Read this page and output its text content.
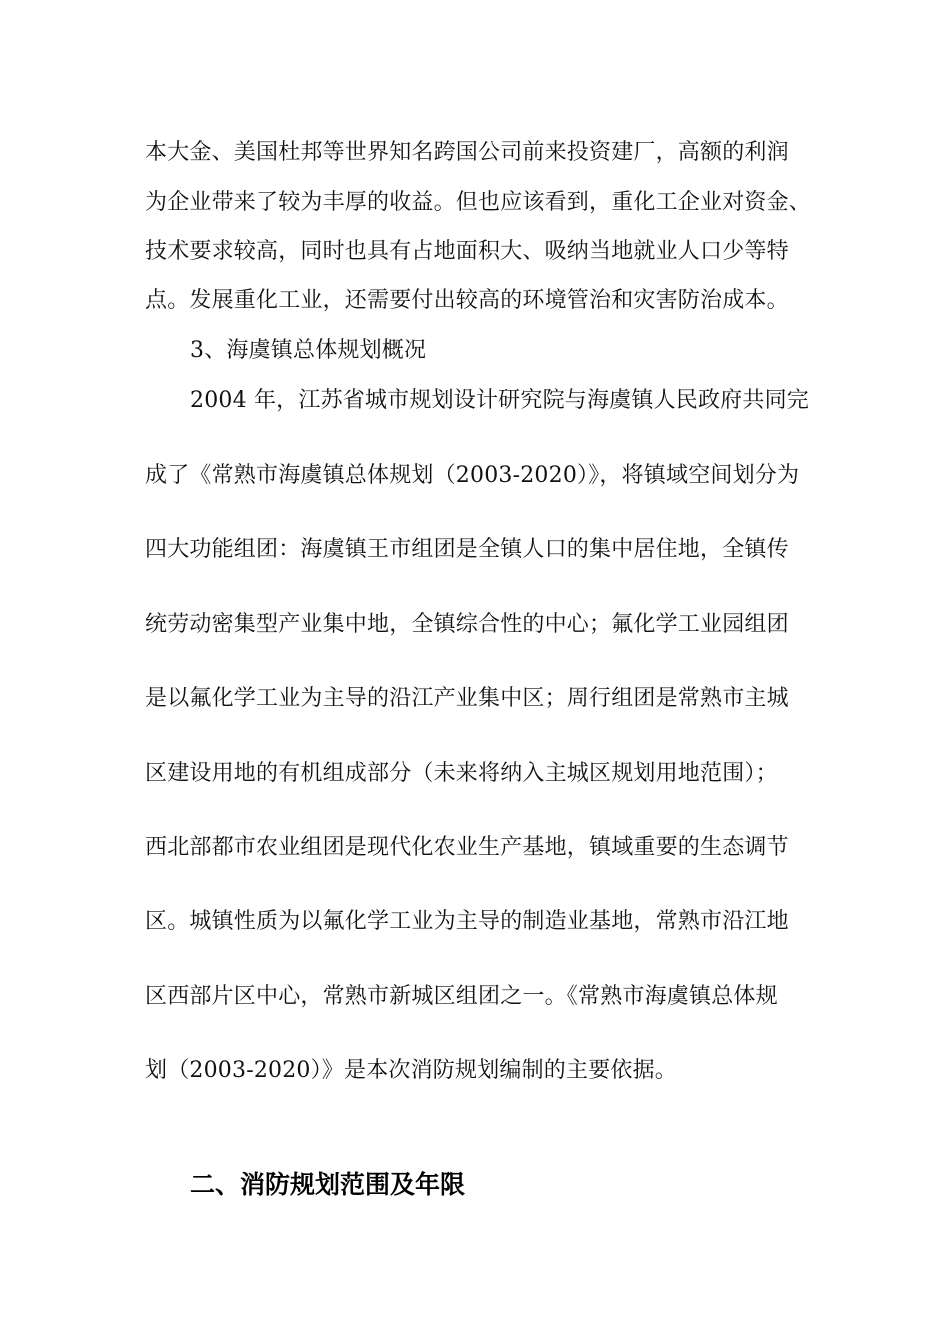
本大金、美国杜邦等世界知名跨国公司前来投资建厂，高额的利润
为企业带来了较为丰厚的收益。但也应该看到，重化工企业对资金、
技术要求较高，同时也具有占地面积大、吸纳当地就业人口少等特
点。发展重化工业，还需要付出较高的环境管治和灾害防治成本。
3、海虞镇总体规划概况
2004 年，江苏省城市规划设计研究院与海虞镇人民政府共同完
成了《常熟市海虞镇总体规划（2003-2020）》，将镇域空间划分为
四大功能组团：海虞镇王市组团是全镇人口的集中居住地，全镇传
统劳动密集型产业集中地，全镇综合性的中心；氟化学工业园组团
是以氟化学工业为主导的沿江产业集中区；周行组团是常熟市主城
区建设用地的有机组成部分（未来将纳入主城区规划用地范围）；
西北部都市农业组团是现代化农业生产基地，镇域重要的生态调节
区。城镇性质为以氟化学工业为主导的制造业基地，常熟市沿江地
区西部片区中心，常熟市新城区组团之一。《常熟市海虞镇总体规
划（2003-2020）》是本次消防规划编制的主要依据。
二、消防规划范围及年限
